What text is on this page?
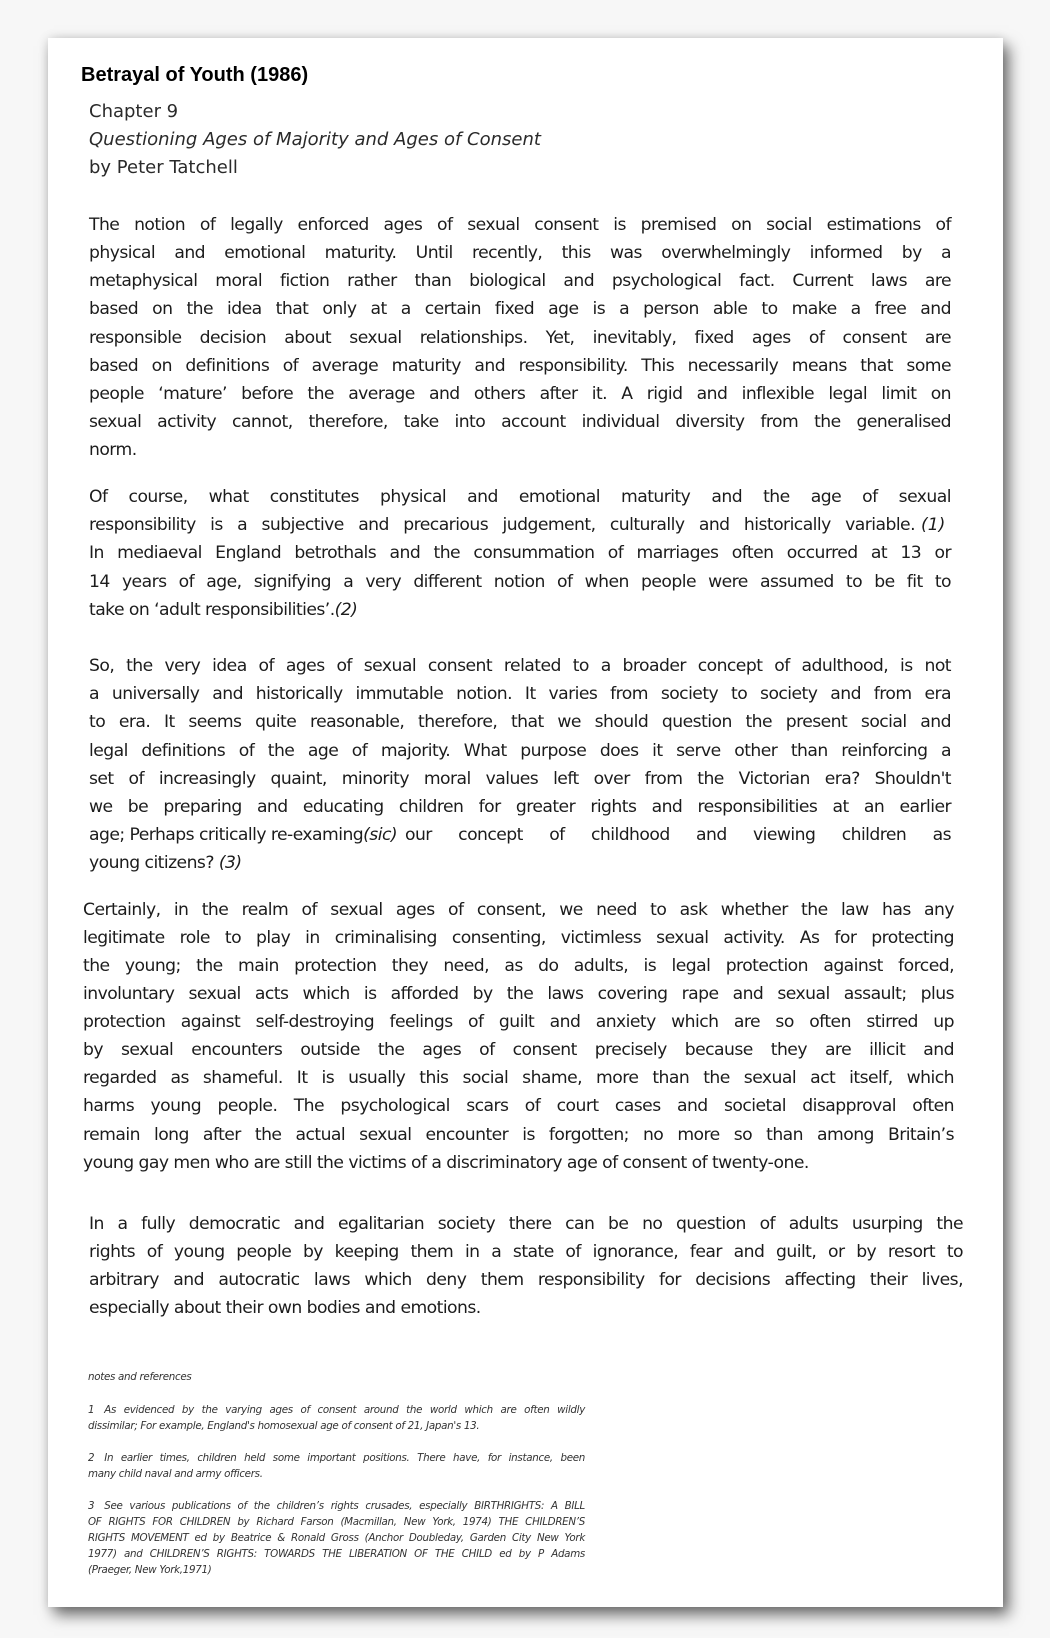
Betrayal of Youth (1986)
Chapter 9
Questioning Ages of Majority and Ages of Consent
by Peter Tatchell
The notion of legally enforced ages of sexual consent is premised on social estimations of
physical and emotional maturity. Until recently, this was overwhelmingly informed by a
metaphysical moral fiction rather than biological and psychological fact. Current laws are
based on the idea that only at a certain fixed age is a person able to make a free and
responsible decision about sexual relationships. Yet, inevitably, fixed ages of consent are
based on definitions of average maturity and responsibility. This necessarily means that some
people ‘mature’ before the average and others after it. A rigid and inflexible legal limit on
sexual activity cannot, therefore, take into account individual diversity from the generalised
norm.
Of course, what constitutes physical and emotional maturity and the age of sexual
responsibility is a subjective and precarious judgement, culturally and historically variable. (1)
In mediaeval England betrothals and the consummation of marriages often occurred at 13 or
14 years of age, signifying a very different notion of when people were assumed to be fit to
take on ‘adult responsibilities’.(2)
So, the very idea of ages of sexual consent related to a broader concept of adulthood, is not
a universally and historically immutable notion. It varies from society to society and from era
to era. It seems quite reasonable, therefore, that we should question the present social and
legal definitions of the age of majority. What purpose does it serve other than reinforcing a
set of increasingly quaint, minority moral values left over from the Victorian era? Shouldn't
we be preparing and educating children for greater rights and responsibilities at an earlier
age; Perhaps critically re-examing (sic) our concept of childhood and viewing children as
young citizens? (3)
Certainly, in the realm of sexual ages of consent, we need to ask whether the law has any
legitimate role to play in criminalising consenting, victimless sexual activity. As for protecting
the young; the main protection they need, as do adults, is legal protection against forced,
involuntary sexual acts which is afforded by the laws covering rape and sexual assault; plus
protection against self-destroying feelings of guilt and anxiety which are so often stirred up
by sexual encounters outside the ages of consent precisely because they are illicit and
regarded as shameful. It is usually this social shame, more than the sexual act itself, which
harms young people. The psychological scars of court cases and societal disapproval often
remain long after the actual sexual encounter is forgotten; no more so than among Britain’s
young gay men who are still the victims of a discriminatory age of consent of twenty-one.
In a fully democratic and egalitarian society there can be no question of adults usurping the
rights of young people by keeping them in a state of ignorance, fear and guilt, or by resort to
arbitrary and autocratic laws which deny them responsibility for decisions affecting their lives,
especially about their own bodies and emotions.
notes and references
1 As evidenced by the varying ages of consent around the world which are often wildly
dissimilar; For example, England's homosexual age of consent of 21, Japan's 13.
2 In earlier times, children held some important positions. There have, for instance, been
many child naval and army officers.
3 See various publications of the children’s rights crusades, especially BIRTHRIGHTS: A BILL
OF RIGHTS FOR CHILDREN by Richard Farson (Macmillan, New York, 1974) THE CHILDREN’S
RIGHTS MOVEMENT ed by Beatrice & Ronald Gross (Anchor Doubleday, Garden City New York
1977) and CHILDREN’S RIGHTS: TOWARDS THE LIBERATION OF THE CHILD ed by P Adams
(Praeger, New York,1971)
